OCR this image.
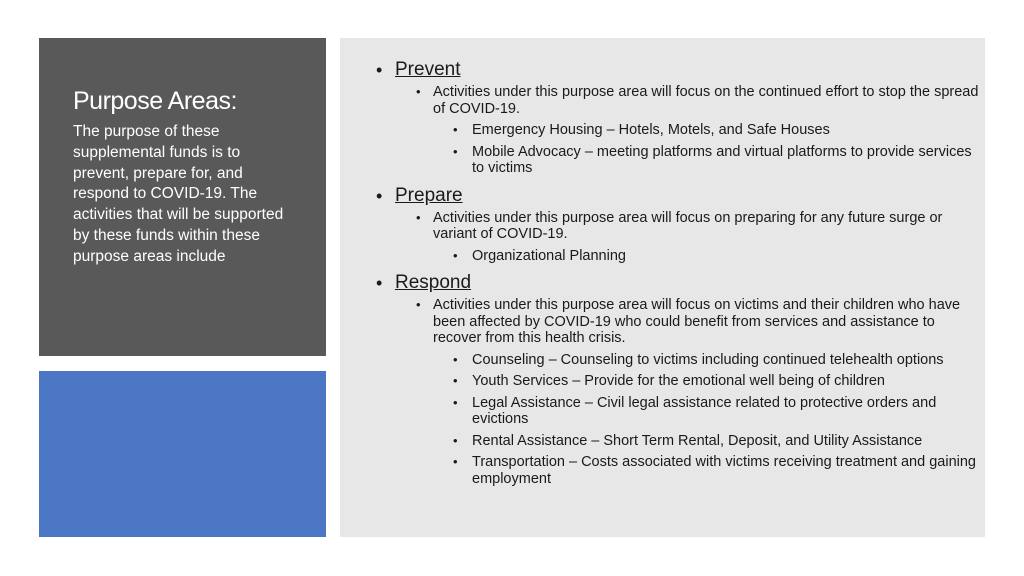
Purpose Areas:

The purpose of these supplemental funds is to prevent, prepare for, and respond to COVID-19. The activities that will be supported by these funds within these purpose areas include

• Prevent
• Activities under this purpose area will focus on the continued effort to stop the spread of COVID-19.
• Emergency Housing – Hotels, Motels, and Safe Houses
• Mobile Advocacy – meeting platforms and virtual platforms to provide services to victims
• Prepare
• Activities under this purpose area will focus on preparing for any future surge or variant of COVID-19.
• Organizational Planning
• Respond
• Activities under this purpose area will focus on victims and their children who have been affected by COVID-19 who could benefit from services and assistance to recover from this health crisis.
• Counseling – Counseling to victims including continued telehealth options
• Youth Services – Provide for the emotional well being of children
• Legal Assistance – Civil legal assistance related to protective orders and evictions
• Rental Assistance – Short Term Rental, Deposit, and Utility Assistance
• Transportation – Costs associated with victims receiving treatment and gaining employment
